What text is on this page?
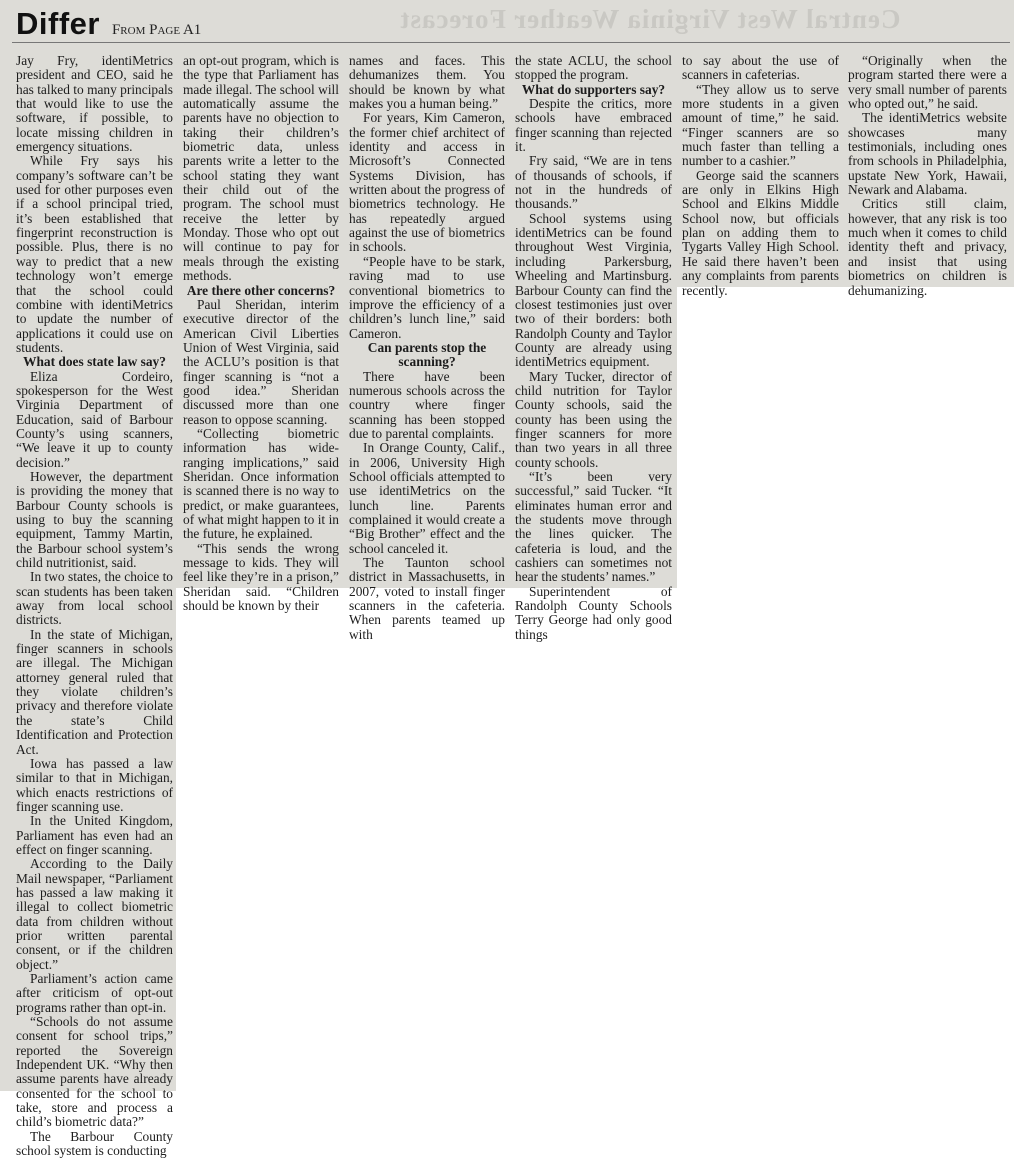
Central West Virginia Weather Forecast
Differ From Page A1

Jay Fry, identiMetrics president and CEO, said he has talked to many principals that would like to use the software, if possible, to locate missing children in emergency situations.

While Fry says his company’s software can’t be used for other purposes even if a school principal tried, it’s been established that fingerprint reconstruction is possible. Plus, there is no way to predict that a new technology won’t emerge that the school could combine with identiMetrics to update the number of applications it could use on students.

What does state law say?

Eliza Cordeiro, spokesperson for the West Virginia Department of Education, said of Barbour County’s using scanners, “We leave it up to county decision.”

However, the department is providing the money that Barbour County schools is using to buy the scanning equipment, Tammy Martin, the Barbour school system’s child nutritionist, said.

In two states, the choice to scan students has been taken away from local school districts.

In the state of Michigan, finger scanners in schools are illegal. The Michigan attorney general ruled that they violate children’s privacy and therefore violate the state’s Child Identification and Protection Act.

Iowa has passed a law similar to that in Michigan, which enacts restrictions of finger scanning use.

In the United Kingdom, Parliament has even had an effect on finger scanning.

According to the Daily Mail newspaper, “Parliament has passed a law making it illegal to collect biometric data from children without prior written parental consent, or if the children object.”

Parliament’s action came after criticism of opt-out programs rather than opt-in.

“Schools do not assume consent for school trips,” reported the Sovereign Independent UK. “Why then assume parents have already consented for the school to take, store and process a child’s biometric data?”

The Barbour County school system is conducting

an opt-out program, which is the type that Parliament has made illegal. The school will automatically assume the parents have no objection to taking their children’s biometric data, unless parents write a letter to the school stating they want their child out of the program. The school must receive the letter by Monday. Those who opt out will continue to pay for meals through the existing methods.

Are there other concerns?

Paul Sheridan, interim executive director of the American Civil Liberties Union of West Virginia, said the ACLU’s position is that finger scanning is “not a good idea.” Sheridan discussed more than one reason to oppose scanning.

“Collecting biometric information has wide-ranging implications,” said Sheridan. Once information is scanned there is no way to predict, or make guarantees, of what might happen to it in the future, he explained.

“This sends the wrong message to kids. They will feel like they’re in a prison,” Sheridan said. “Children should be known by their

names and faces. This dehumanizes them. You should be known by what makes you a human being.”

For years, Kim Cameron, the former chief architect of identity and access in Microsoft’s Connected Systems Division, has written about the progress of biometrics technology. He has repeatedly argued against the use of biometrics in schools.

“People have to be stark, raving mad to use conventional biometrics to improve the efficiency of a children’s lunch line,” said Cameron.

Can parents stop the scanning?

There have been numerous schools across the country where finger scanning has been stopped due to parental complaints.

In Orange County, Calif., in 2006, University High School officials attempted to use identiMetrics on the lunch line. Parents complained it would create a “Big Brother” effect and the school canceled it.

The Taunton school district in Massachusetts, in 2007, voted to install finger scanners in the cafeteria. When parents teamed up with

the state ACLU, the school stopped the program.

What do supporters say?

Despite the critics, more schools have embraced finger scanning than rejected it.

Fry said, “We are in tens of thousands of schools, if not in the hundreds of thousands.”

School systems using identiMetrics can be found throughout West Virginia, including Parkersburg, Wheeling and Martinsburg. Barbour County can find the closest testimonies just over two of their borders: both Randolph County and Taylor County are already using identiMetrics equipment.

Mary Tucker, director of child nutrition for Taylor County schools, said the county has been using the finger scanners for more than two years in all three county schools.

“It’s been very successful,” said Tucker. “It eliminates human error and the students move through the lines quicker. The cafeteria is loud, and the cashiers can sometimes not hear the students’ names.”

Superintendent of Randolph County Schools Terry George had only good things

to say about the use of scanners in cafeterias.

“They allow us to serve more students in a given amount of time,” he said. “Finger scanners are so much faster than telling a number to a cashier.”

George said the scanners are only in Elkins High School and Elkins Middle School now, but officials plan on adding them to Tygarts Valley High School. He said there haven’t been any complaints from parents recently.

“Originally when the program started there were a very small number of parents who opted out,” he said.

The identiMetrics website showcases many testimonials, including ones from schools in Philadelphia, upstate New York, Hawaii, Newark and Alabama.

Critics still claim, however, that any risk is too much when it comes to child identity theft and privacy, and insist that using biometrics on children is dehumanizing.
